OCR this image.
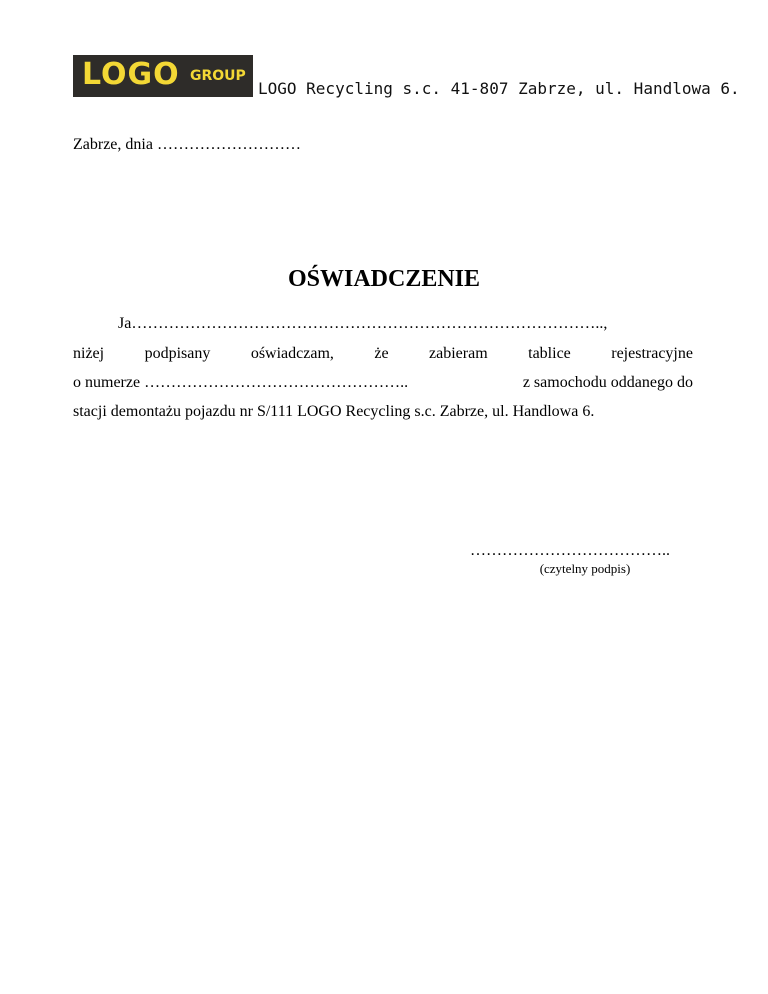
LOGO GROUP
LOGO Recycling s.c. 41-807 Zabrze, ul. Handlowa 6.
Zabrze, dnia ………………………
OŚWIADCZENIE
Ja……………………………………………………………………………..,
niżej	podpisany	oświadczam,	że	zabieram	tablice	rejestracyjne
o numerze …………………………………………..	z samochodu oddanego do
stacji demontażu pojazdu nr S/111 LOGO Recycling s.c. Zabrze, ul. Handlowa 6.
………………………………..
(czytelny podpis)
